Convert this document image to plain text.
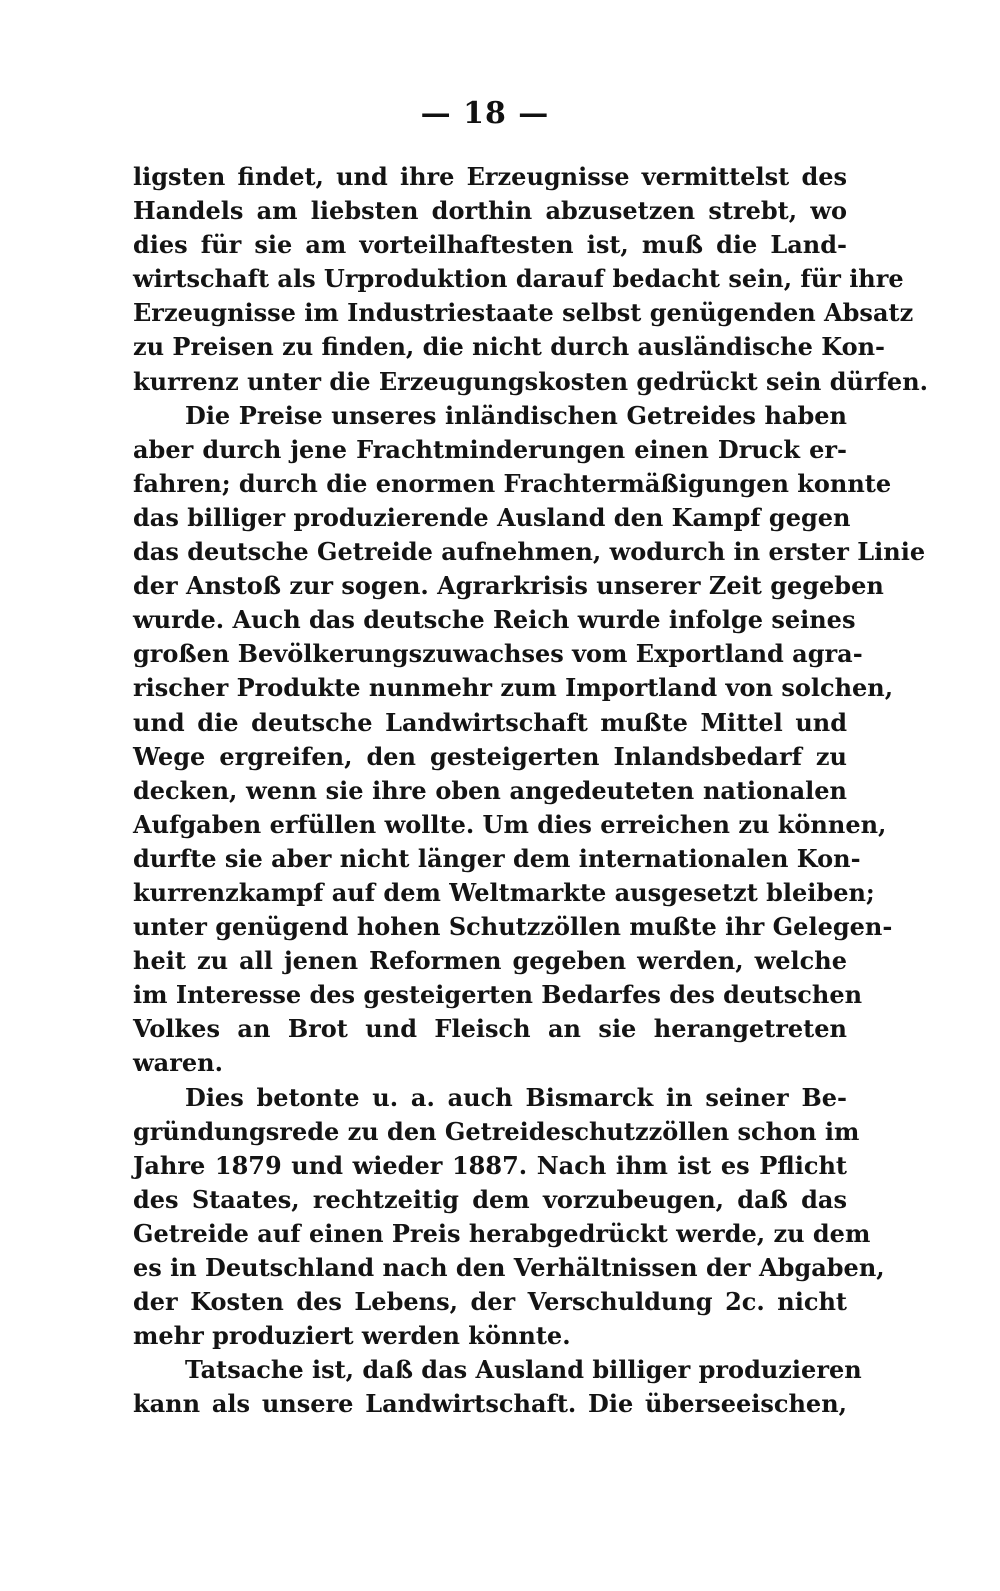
— 18 —
ligsten findet, und ihre Erzeugnisse vermittelst des
Handels am liebsten dorthin abzusetzen strebt, wo
dies für sie am vorteilhaftesten ist, muß die Land-
wirtschaft als Urproduktion darauf bedacht sein, für ihre
Erzeugnisse im Industriestaate selbst genügenden Absatz
zu Preisen zu finden, die nicht durch ausländische Kon-
kurrenz unter die Erzeugungskosten gedrückt sein dürfen.
Die Preise unseres inländischen Getreides haben
aber durch jene Frachtminderungen einen Druck er-
fahren; durch die enormen Frachtermäßigungen konnte
das billiger produzierende Ausland den Kampf gegen
das deutsche Getreide aufnehmen, wodurch in erster Linie
der Anstoß zur sogen. Agrarkrisis unserer Zeit gegeben
wurde. Auch das deutsche Reich wurde infolge seines
großen Bevölkerungszuwachses vom Exportland agra-
rischer Produkte nunmehr zum Importland von solchen,
und die deutsche Landwirtschaft mußte Mittel und
Wege ergreifen, den gesteigerten Inlandsbedarf zu
decken, wenn sie ihre oben angedeuteten nationalen
Aufgaben erfüllen wollte. Um dies erreichen zu können,
durfte sie aber nicht länger dem internationalen Kon-
kurrenzkampf auf dem Weltmarkte ausgesetzt bleiben;
unter genügend hohen Schutzzöllen mußte ihr Gelegen-
heit zu all jenen Reformen gegeben werden, welche
im Interesse des gesteigerten Bedarfes des deutschen
Volkes an Brot und Fleisch an sie herangetreten
waren.
Dies betonte u. a. auch Bismarck in seiner Be-
gründungsrede zu den Getreideschutzzöllen schon im
Jahre 1879 und wieder 1887. Nach ihm ist es Pflicht
des Staates, rechtzeitig dem vorzubeugen, daß das
Getreide auf einen Preis herabgedrückt werde, zu dem
es in Deutschland nach den Verhältnissen der Abgaben,
der Kosten des Lebens, der Verschuldung 2c. nicht
mehr produziert werden könnte.
Tatsache ist, daß das Ausland billiger produzieren
kann als unsere Landwirtschaft. Die überseeischen,
